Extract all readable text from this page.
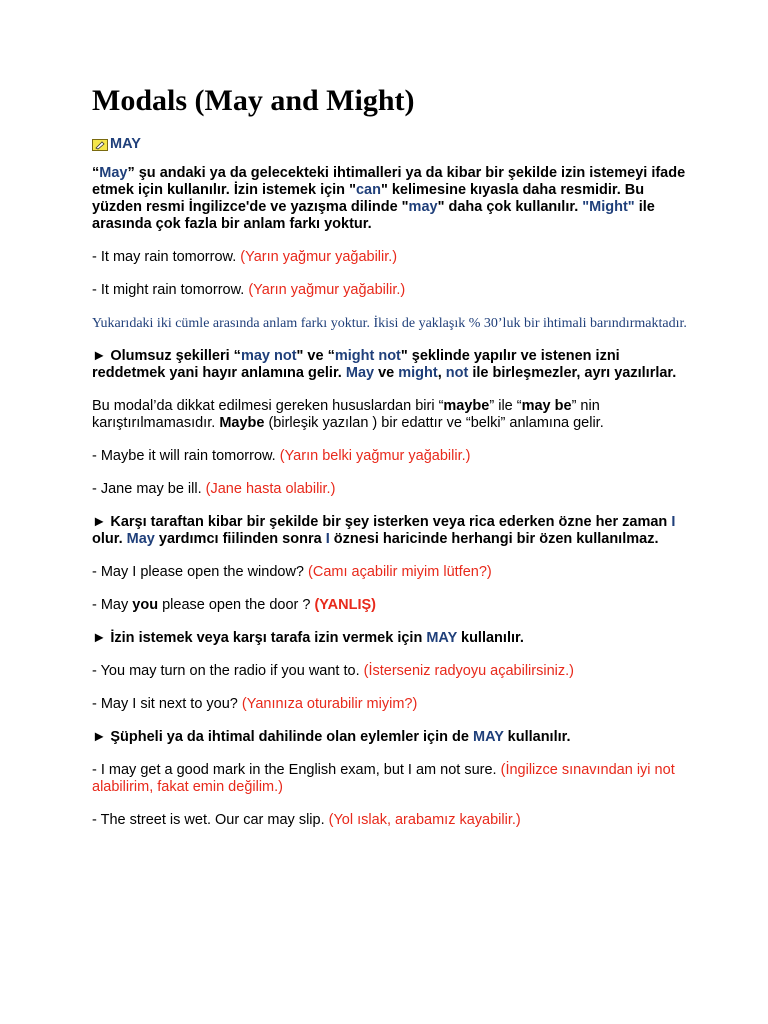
Modals (May and Might)
MAY

“May” şu andaki ya da gelecekteki ihtimalleri ya da kibar bir şekilde izin istemeyi ifade etmek için kullanılır. İzin istemek için "can" kelimesine kıyasla daha resmidir. Bu yüzden resmi İngilizce'de ve yazışma dilinde "may" daha çok kullanılır. "Might" ile arasında çok fazla bir anlam farkı yoktur.

- It may rain tomorrow. (Yarın yağmur yağabilir.)

- It might rain tomorrow. (Yarın yağmur yağabilir.)

Yukarıdaki iki cümle arasında anlam farkı yoktur. İkisi de yaklaşık % 30’luk bir ihtimali barındırmaktadır.

► Olumsuz şekilleri “may not" ve “might not" şeklinde yapılır ve istenen izni reddetmek yani hayır anlamına gelir. May ve might, not ile birleşmezler, ayrı yazılırlar.

Bu modal’da dikkat edilmesi gereken hususlardan biri “maybe” ile “may be” nin karıştırılmamasıdır. Maybe (birleşik yazılan ) bir edattır ve “belki” anlamına gelir.

- Maybe it will rain tomorrow. (Yarın belki yağmur yağabilir.)

- Jane may be ill. (Jane hasta olabilir.)

► Karşı taraftan kibar bir şekilde bir şey isterken veya rica ederken özne her zaman I olur. May yardımcı fiilinden sonra I öznesi haricinde herhangi bir özen kullanılmaz.

- May I please open the window? (Camı açabilir miyim lütfen?)

- May you please open the door ? (YANLIŞ)

► İzin istemek veya karşı tarafa izin vermek için MAY kullanılır.

- You may turn on the radio if you want to. (İsterseniz radyoyu açabilirsiniz.)

- May I sit next to you? (Yanınıza oturabilir miyim?)

► Şüpheli ya da ihtimal dahilinde olan eylemler için de MAY kullanılır.

- I may get a good mark in the English exam, but I am not sure. (İngilizce sınavından iyi not alabilirim, fakat emin değilim.)

- The street is wet. Our car may slip. (Yol ıslak, arabamız kayabilir.)
